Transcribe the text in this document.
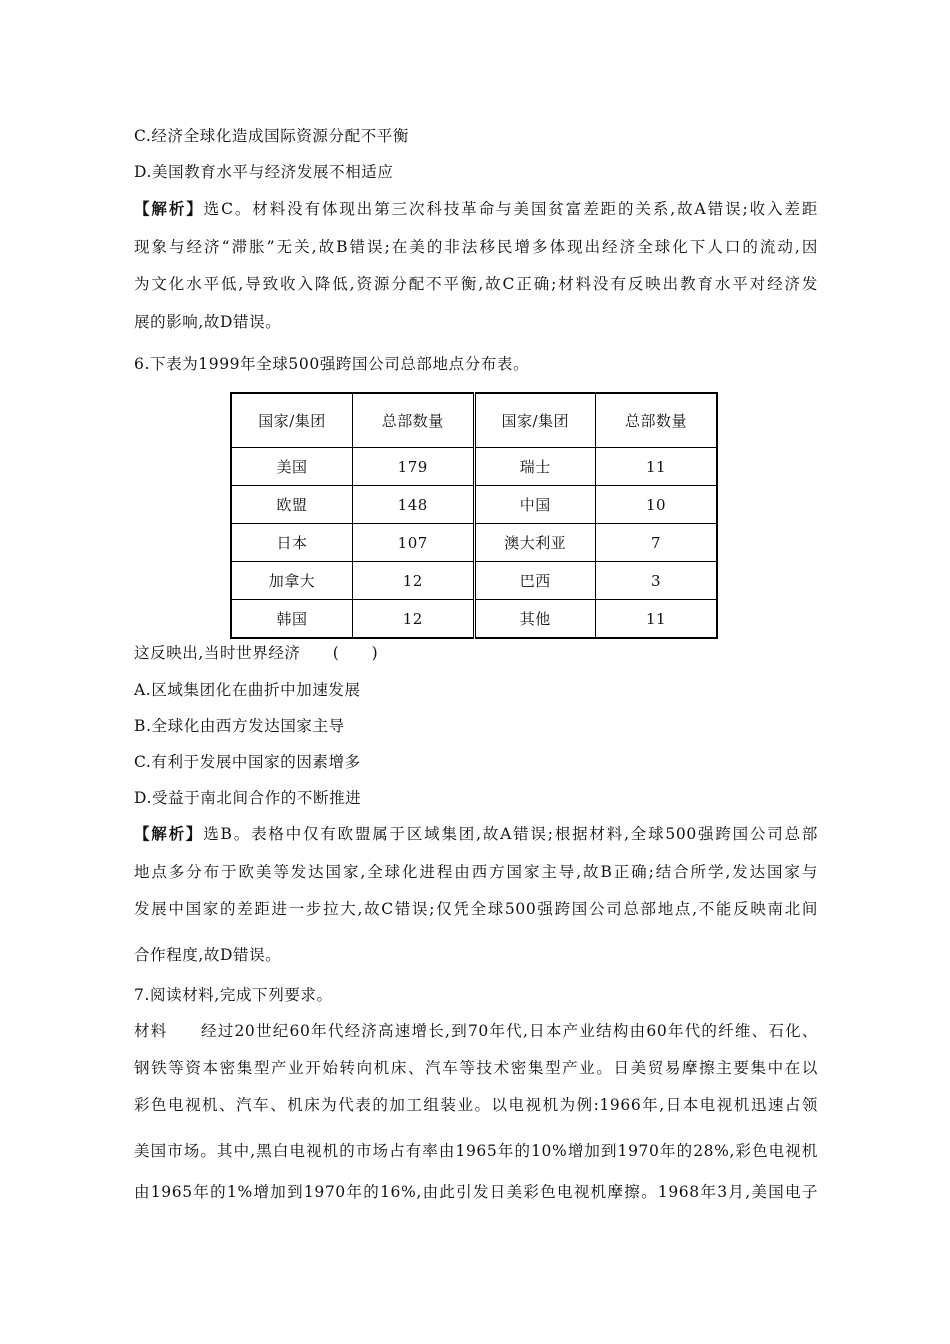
C.经济全球化造成国际资源分配不平衡
D.美国教育水平与经济发展不相适应
【解析】选C。材料没有体现出第三次科技革命与美国贫富差距的关系,故A错误;收入差距
现象与经济“滞胀”无关,故B错误;在美的非法移民增多体现出经济全球化下人口的流动,因
为文化水平低,导致收入降低,资源分配不平衡,故C正确;材料没有反映出教育水平对经济发
展的影响,故D错误。
6.下表为1999年全球500强跨国公司总部地点分布表。
国家/集团	总部数量	国家/集团	总部数量
美国	179	瑞士	11
欧盟	148	中国	10
日本	107	澳大利亚	7
加拿大	12	巴西	3
韩国	12	其他	11
这反映出,当时世界经济　　(　　)
A.区域集团化在曲折中加速发展
B.全球化由西方发达国家主导
C.有利于发展中国家的因素增多
D.受益于南北间合作的不断推进
【解析】选B。表格中仅有欧盟属于区域集团,故A错误;根据材料,全球500强跨国公司总部
地点多分布于欧美等发达国家,全球化进程由西方国家主导,故B正确;结合所学,发达国家与
发展中国家的差距进一步拉大,故C错误;仅凭全球500强跨国公司总部地点,不能反映南北间
合作程度,故D错误。
7.阅读材料,完成下列要求。
材料　　经过20世纪60年代经济高速增长,到70年代,日本产业结构由60年代的纤维、石化、
钢铁等资本密集型产业开始转向机床、汽车等技术密集型产业。日美贸易摩擦主要集中在以
彩色电视机、汽车、机床为代表的加工组装业。以电视机为例:1966年,日本电视机迅速占领
美国市场。其中,黑白电视机的市场占有率由1965年的10%增加到1970年的28%,彩色电视机
由1965年的1%增加到1970年的16%,由此引发日美彩色电视机摩擦。1968年3月,美国电子
